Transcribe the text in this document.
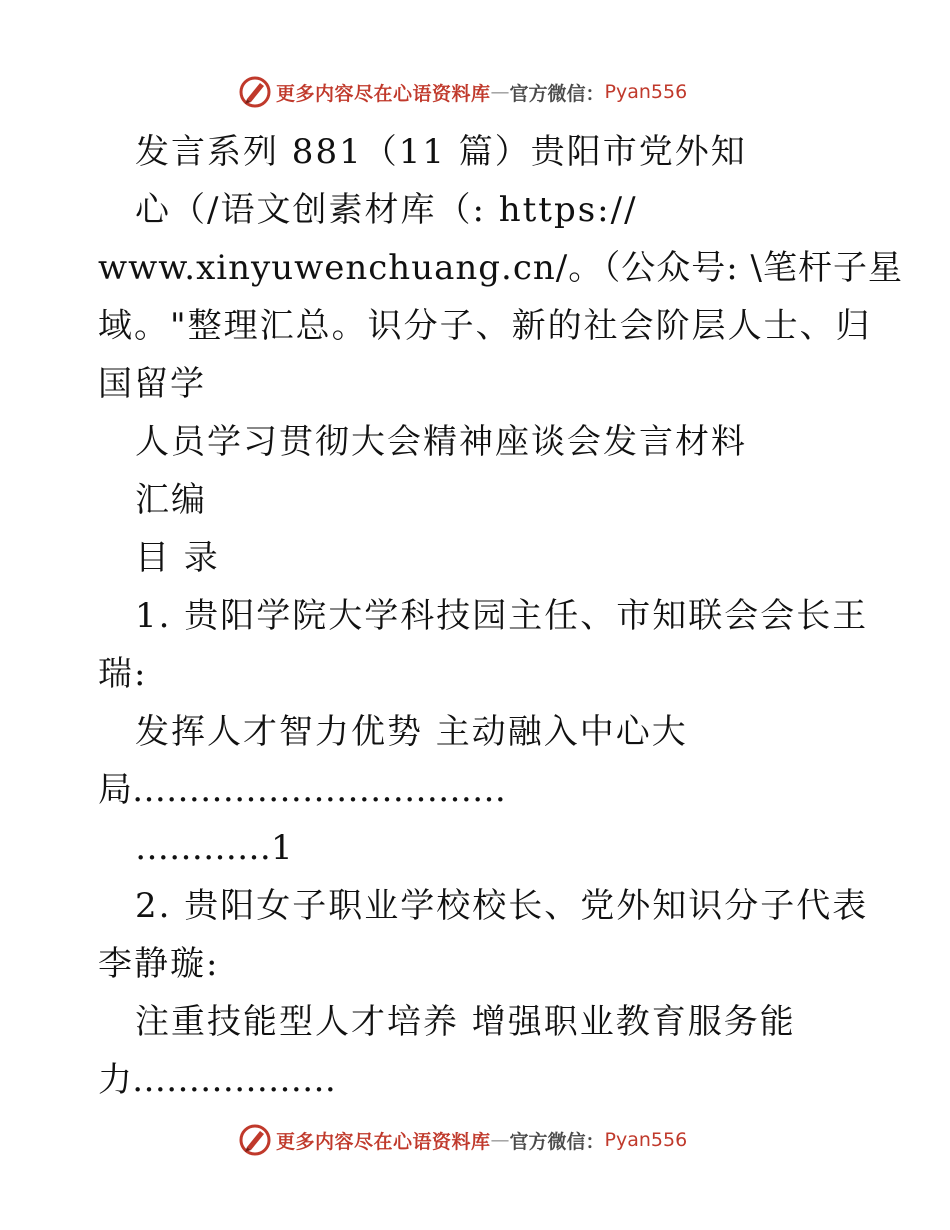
更多内容尽在心语资料库 — 官方微信： Pyan556
发言系列 881（11 篇）贵阳市党外知
心（/语文创素材库（: https://
www.xinyuwenchuang.cn/。（公众号: \笔杆子星
域。"整理汇总。识分子、新的社会阶层人士、归
国留学
人员学习贯彻大会精神座谈会发言材料
汇编
目 录
1. 贵阳学院大学科技园主任、市知联会会长王
瑞:
发挥人才智力优势 主动融入中心大
局……………………………
…………1
2. 贵阳女子职业学校校长、党外知识分子代表
李静璇:
注重技能型人才培养 增强职业教育服务能
力………………
更多内容尽在心语资料库 — 官方微信： Pyan556
